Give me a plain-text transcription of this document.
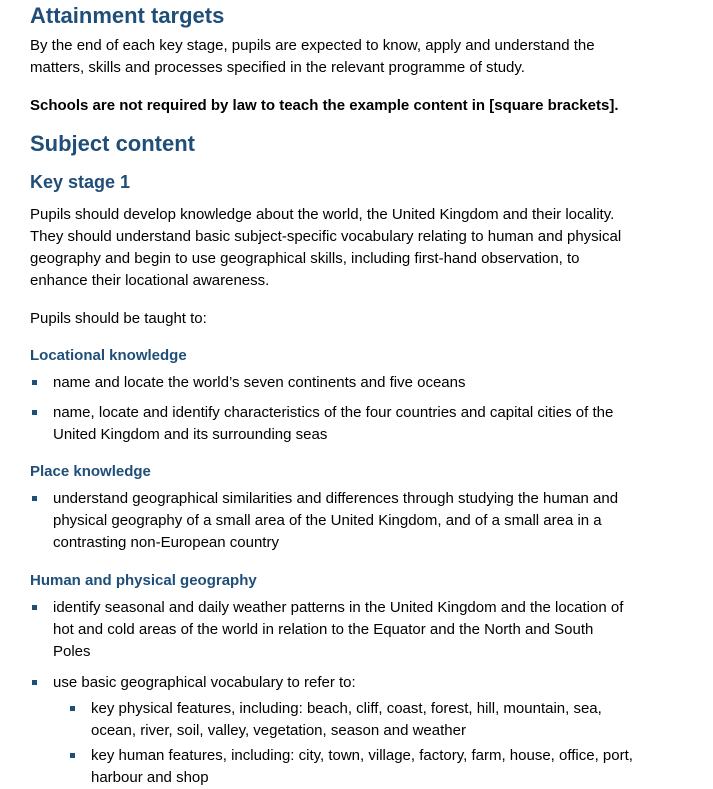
Attainment targets

By the end of each key stage, pupils are expected to know, apply and understand the

matters, skills and processes specified in the relevant programme of study.

Schools are not required by law to teach the example content in [square brackets].

Subject content
Key stage 1

Pupils should develop knowledge about the world, the United Kingdom and their locality.

They should understand basic subject-specific vocabulary relating to human and physical

geography and begin to use geographical skills, including first-hand observation, to

enhance their locational awareness.

Pupils should be taught to:

Locational knowledge
name and locate the world’s seven continents and five oceans
name, locate and identify characteristics of the four countries and capital cities of the
United Kingdom and its surrounding seas
Place knowledge
understand geographical similarities and differences through studying the human and
physical geography of a small area of the United Kingdom, and of a small area in a
contrasting non-European country
Human and physical geography
identify seasonal and daily weather patterns in the United Kingdom and the location of
hot and cold areas of the world in relation to the Equator and the North and South
Poles
use basic geographical vocabulary to refer to:
key physical features, including: beach, cliff, coast, forest, hill, mountain, sea,
ocean, river, soil, valley, vegetation, season and weather
key human features, including: city, town, village, factory, farm, house, office, port,
harbour and shop
